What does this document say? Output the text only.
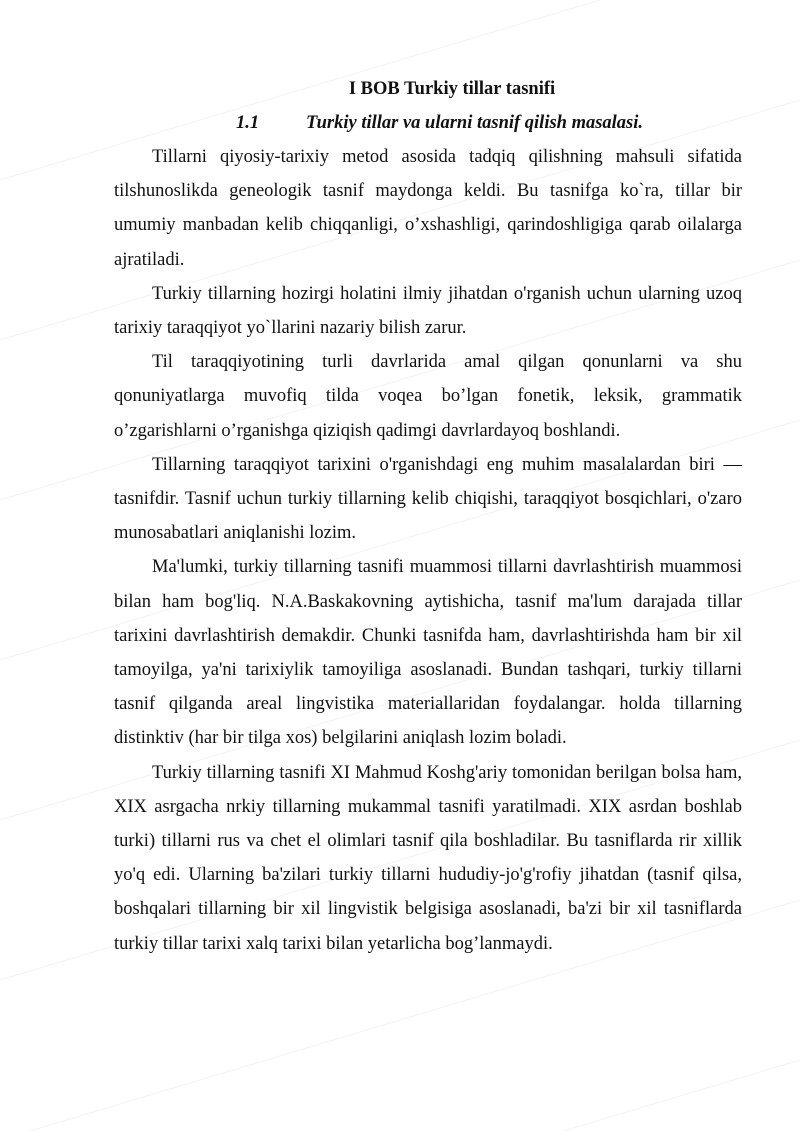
I BOB Turkiy tillar tasnifi

1.1	Turkiy tillar va ularni tasnif qilish masalasi.

Tillarni qiyosiy-tarixiy metod asosida tadqiq qilishning mahsuli sifatida tilshunoslikda geneologik tasnif maydonga keldi. Bu tasnifga ko`ra, tillar bir umumiy manbadan kelib chiqqanligi, o’xshashligi, qarindoshligiga qarab oilalarga ajratiladi.

Turkiy tillarning hozirgi holatini ilmiy jihatdan o'rganish uchun ularning uzoq tarixiy taraqqiyot yo`llarini nazariy bilish zarur.

Til taraqqiyotining turli davrlarida amal qilgan qonunlarni va shu qonuniyatlarga muvofiq tilda voqea bo’lgan fonetik, leksik, grammatik o’zgarishlarni o’rganishga qiziqish qadimgi davrlardayoq boshlandi.

Tillarning taraqqiyot tarixini o'rganishdagi eng muhim masalalardan biri —tasnifdir. Tasnif uchun turkiy tillarning kelib chiqishi, taraqqiyot bosqichlari, o'zaro munosabatlari aniqlanishi lozim.

Ma'lumki, turkiy tillarning tasnifi muammosi tillarni davrlashtirish muammosi bilan ham bog'liq. N.A.Baskakovning aytishicha, tasnif ma'lum darajada tillar tarixini davrlashtirish demakdir. Chunki tasnifda ham, davrlashtirishda ham bir xil tamoyilga, ya'ni tarixiylik tamoyiliga asoslanadi. Bundan tashqari, turkiy tillarni tasnif qilganda areal lingvistika materiallaridan foydalangar. holda tillarning distinktiv (har bir tilga xos) belgilarini aniqlash lozim boladi.

Turkiy tillarning tasnifi XI Mahmud Koshg'ariy tomonidan berilgan bolsa ham, XIX asrgacha nrkiy tillarning mukammal tasnifi yaratilmadi. XIX asrdan boshlab turki) tillarni rus va chet el olimlari tasnif qila boshladilar. Bu tasniflarda rir xillik yo'q edi. Ularning ba'zilari turkiy tillarni hududiy-jo'g'rofiy jihatdan (tasnif qilsa, boshqalari tillarning bir xil lingvistik belgisiga asoslanadi, ba'zi bir xil tasniflarda turkiy tillar tarixi xalq tarixi bilan yetarlicha bog’lanmaydi.
